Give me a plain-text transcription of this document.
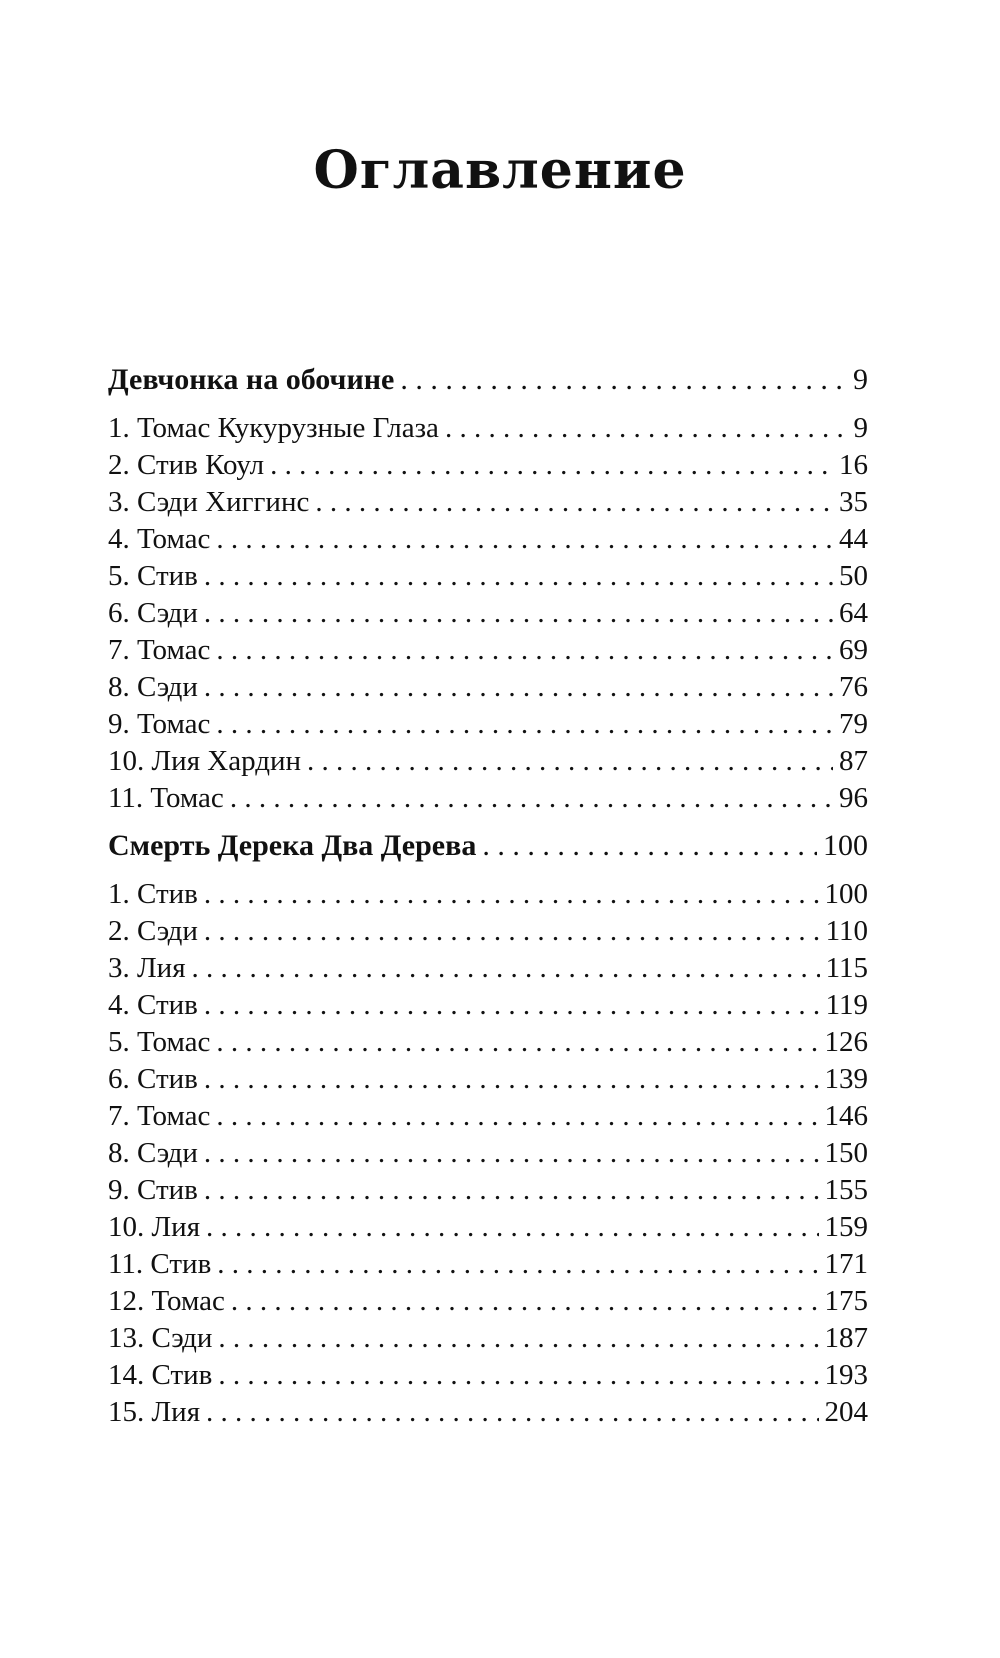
Оглавление
Девчонка на обочине . . .	9
1. Томас Кукурузные Глаза . . .	9
2. Стив Коул . . .	16
3. Сэди Хиггинс . . .	35
4. Томас . . .	44
5. Стив . . .	50
6. Сэди . . .	64
7. Томас . . .	69
8. Сэди . . .	76
9. Томас . . .	79
10. Лия Хардин . . .	87
11. Томас . . .	96
Смерть Дерека Два Дерева . . .	100
1. Стив . . .	100
2. Сэди . . .	110
3. Лия . . .	115
4. Стив . . .	119
5. Томас . . .	126
6. Стив . . .	139
7. Томас . . .	146
8. Сэди . . .	150
9. Стив . . .	155
10. Лия . . .	159
11. Стив . . .	171
12. Томас . . .	175
13. Сэди . . .	187
14. Стив . . .	193
15. Лия . . .	204
